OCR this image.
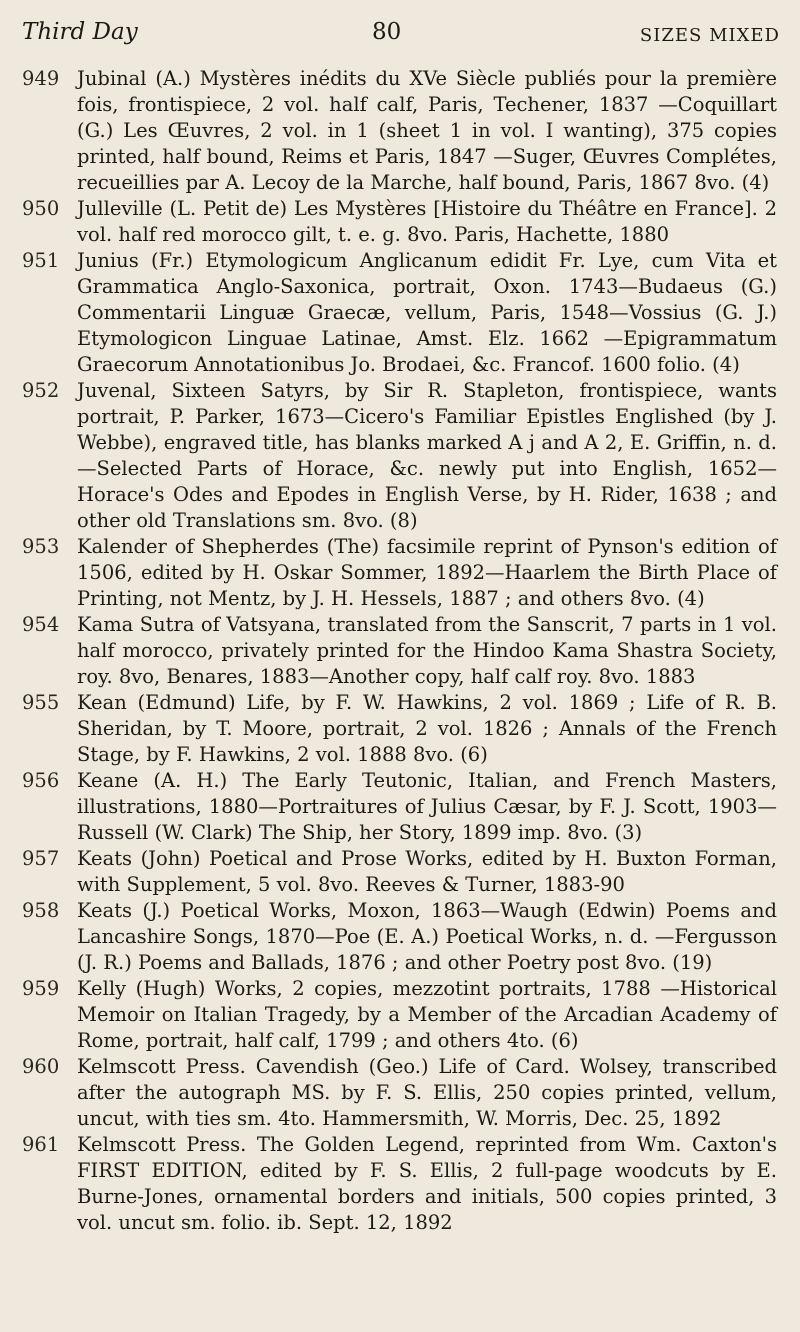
Third Day	80	SIZES MIXED
949 Jubinal (A.) Mystères inédits du XVe Siècle publiés pour la première fois, frontispiece, 2 vol. half calf, Paris, Techener, 1837 —Coquillart (G.) Les Œuvres, 2 vol. in 1 (sheet 1 in vol. I wanting), 375 copies printed, half bound, Reims et Paris, 1847 —Suger, Œuvres Complétes, recueillies par A. Lecoy de la Marche, half bound, Paris, 1867 8vo. (4)
950 Julleville (L. Petit de) Les Mystères [Histoire du Théâtre en France]. 2 vol. half red morocco gilt, t. e. g. 8vo. Paris, Hachette, 1880
951 Junius (Fr.) Etymologicum Anglicanum edidit Fr. Lye, cum Vita et Grammatica Anglo-Saxonica, portrait, Oxon. 1743—Budaeus (G.) Commentarii Linguæ Graecæ, vellum, Paris, 1548—Vossius (G. J.) Etymologicon Linguae Latinae, Amst. Elz. 1662 —Epigrammatum Graecorum Annotationibus Jo. Brodaei, &c. Francof. 1600 folio. (4)
952 Juvenal, Sixteen Satyrs, by Sir R. Stapleton, frontispiece, wants portrait, P. Parker, 1673—Cicero's Familiar Epistles Englished (by J. Webbe), engraved title, has blanks marked A j and A 2, E. Griffin, n. d.—Selected Parts of Horace, &c. newly put into English, 1652—Horace's Odes and Epodes in English Verse, by H. Rider, 1638 ; and other old Translations sm. 8vo. (8)
953 Kalender of Shepherdes (The) facsimile reprint of Pynson's edition of 1506, edited by H. Oskar Sommer, 1892—Haarlem the Birth Place of Printing, not Mentz, by J. H. Hessels, 1887 ; and others 8vo. (4)
954 Kama Sutra of Vatsyana, translated from the Sanscrit, 7 parts in 1 vol. half morocco, privately printed for the Hindoo Kama Shastra Society, roy. 8vo, Benares, 1883—Another copy, half calf roy. 8vo. 1883
955 Kean (Edmund) Life, by F. W. Hawkins, 2 vol. 1869 ; Life of R. B. Sheridan, by T. Moore, portrait, 2 vol. 1826 ; Annals of the French Stage, by F. Hawkins, 2 vol. 1888 8vo. (6)
956 Keane (A. H.) The Early Teutonic, Italian, and French Masters, illustrations, 1880—Portraitures of Julius Cæsar, by F. J. Scott, 1903—Russell (W. Clark) The Ship, her Story, 1899 imp. 8vo. (3)
957 Keats (John) Poetical and Prose Works, edited by H. Buxton Forman, with Supplement, 5 vol. 8vo. Reeves & Turner, 1883-90
958 Keats (J.) Poetical Works, Moxon, 1863—Waugh (Edwin) Poems and Lancashire Songs, 1870—Poe (E. A.) Poetical Works, n. d. —Fergusson (J. R.) Poems and Ballads, 1876 ; and other Poetry post 8vo. (19)
959 Kelly (Hugh) Works, 2 copies, mezzotint portraits, 1788 —Historical Memoir on Italian Tragedy, by a Member of the Arcadian Academy of Rome, portrait, half calf, 1799 ; and others 4to. (6)
960 Kelmscott Press. Cavendish (Geo.) Life of Card. Wolsey, transcribed after the autograph MS. by F. S. Ellis, 250 copies printed, vellum, uncut, with ties sm. 4to. Hammersmith, W. Morris, Dec. 25, 1892
961 Kelmscott Press. The Golden Legend, reprinted from Wm. Caxton's FIRST EDITION, edited by F. S. Ellis, 2 full-page woodcuts by E. Burne-Jones, ornamental borders and initials, 500 copies printed, 3 vol. uncut sm. folio. ib. Sept. 12, 1892
